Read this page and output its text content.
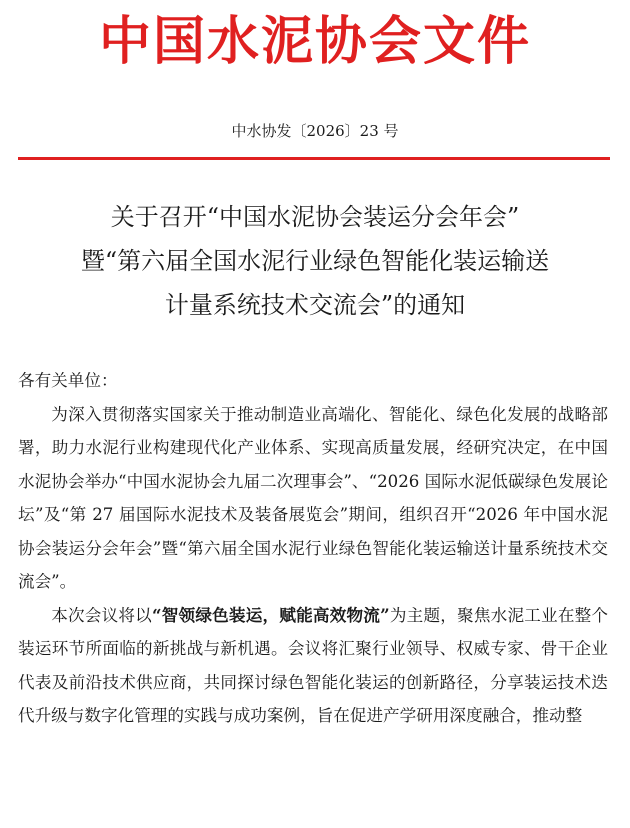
中国水泥协会文件
中水协发〔2026〕23 号
关于召开“中国水泥协会装运分会年会”
暨“第六届全国水泥行业绿色智能化装运输送
计量系统技术交流会”的通知

各有关单位：

为深入贯彻落实国家关于推动制造业高端化、智能化、绿色化发展的战略部署，助力水泥行业构建现代化产业体系、实现高质量发展，经研究决定，在中国水泥协会举办“中国水泥协会九届二次理事会”、“2026 国际水泥低碳绿色发展论坛”及“第 27 届国际水泥技术及装备展览会”期间，组织召开“2026 年中国水泥协会装运分会年会”暨“第六届全国水泥行业绿色智能化装运输送计量系统技术交流会”。

本次会议将以“智领绿色装运，赋能高效物流”为主题，聚焦水泥工业在整个装运环节所面临的新挑战与新机遇。会议将汇聚行业领导、权威专家、骨干企业代表及前沿技术供应商，共同探讨绿色智能化装运的创新路径，分享装运技术迭代升级与数字化管理的实践与成功案例，旨在促进产学研用深度融合，推动整
